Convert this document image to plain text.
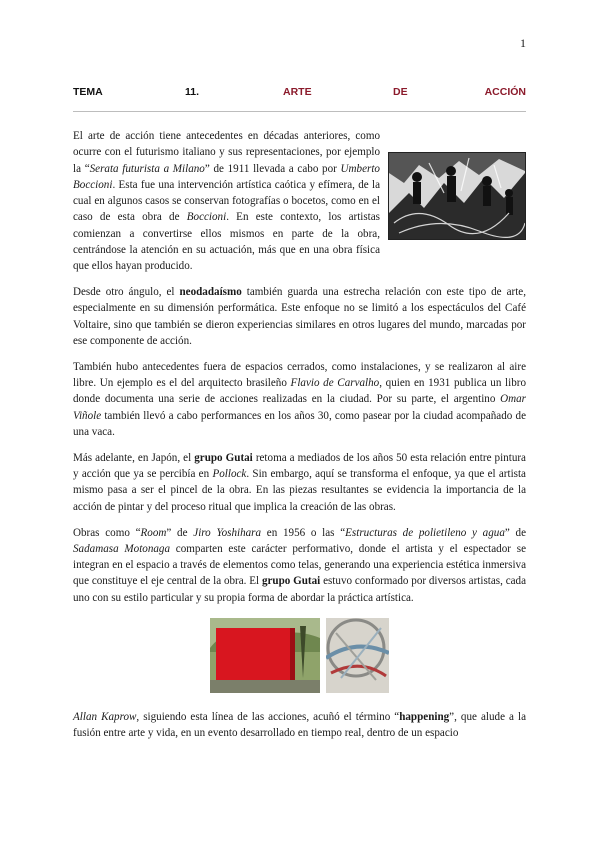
1
TEMA	11.	ARTE	DE	ACCIÓN

El arte de acción tiene antecedentes en décadas anteriores, como ocurre con el futurismo italiano y sus representaciones, por ejemplo la “Serata futurista a Milano” de 1911 llevada a cabo por Umberto Boccioni. Esta fue una intervención artística caótica y efímera, de la cual en algunos casos se conservan fotografías o bocetos, como en el caso de esta obra de Boccioni. En este contexto, los artistas comienzan a convertirse ellos mismos en parte de la obra, centrándose la atención en su actuación, más que en una obra física que ellos hayan producido.

Desde otro ángulo, el neodadaísmo también guarda una estrecha relación con este tipo de arte, especialmente en su dimensión performática. Este enfoque no se limitó a los espectáculos del Café Voltaire, sino que también se dieron experiencias similares en otros lugares del mundo, marcadas por ese componente de acción.

También hubo antecedentes fuera de espacios cerrados, como instalaciones, y se realizaron al aire libre. Un ejemplo es el del arquitecto brasileño Flavio de Carvalho, quien en 1931 publica un libro donde documenta una serie de acciones realizadas en la ciudad. Por su parte, el argentino Omar Viñole también llevó a cabo performances en los años 30, como pasear por la ciudad acompañado de una vaca.

Más adelante, en Japón, el grupo Gutai retoma a mediados de los años 50 esta relación entre pintura y acción que ya se percibía en Pollock. Sin embargo, aquí se transforma el enfoque, ya que el artista mismo pasa a ser el pincel de la obra. En las piezas resultantes se evidencia la importancia de la acción de pintar y del proceso ritual que implica la creación de las obras.

Obras como “Room” de Jiro Yoshihara en 1956 o las “Estructuras de polietileno y agua” de Sadamasa Motonaga comparten este carácter performativo, donde el artista y el espectador se integran en el espacio a través de elementos como telas, generando una experiencia estética inmersiva que constituye el eje central de la obra. El grupo Gutai estuvo conformado por diversos artistas, cada uno con su estilo particular y su propia forma de abordar la práctica artística.

Allan Kaprow, siguiendo esta línea de las acciones, acuñó el término “happening”, que alude a la fusión entre arte y vida, en un evento desarrollado en tiempo real, dentro de un espacio
